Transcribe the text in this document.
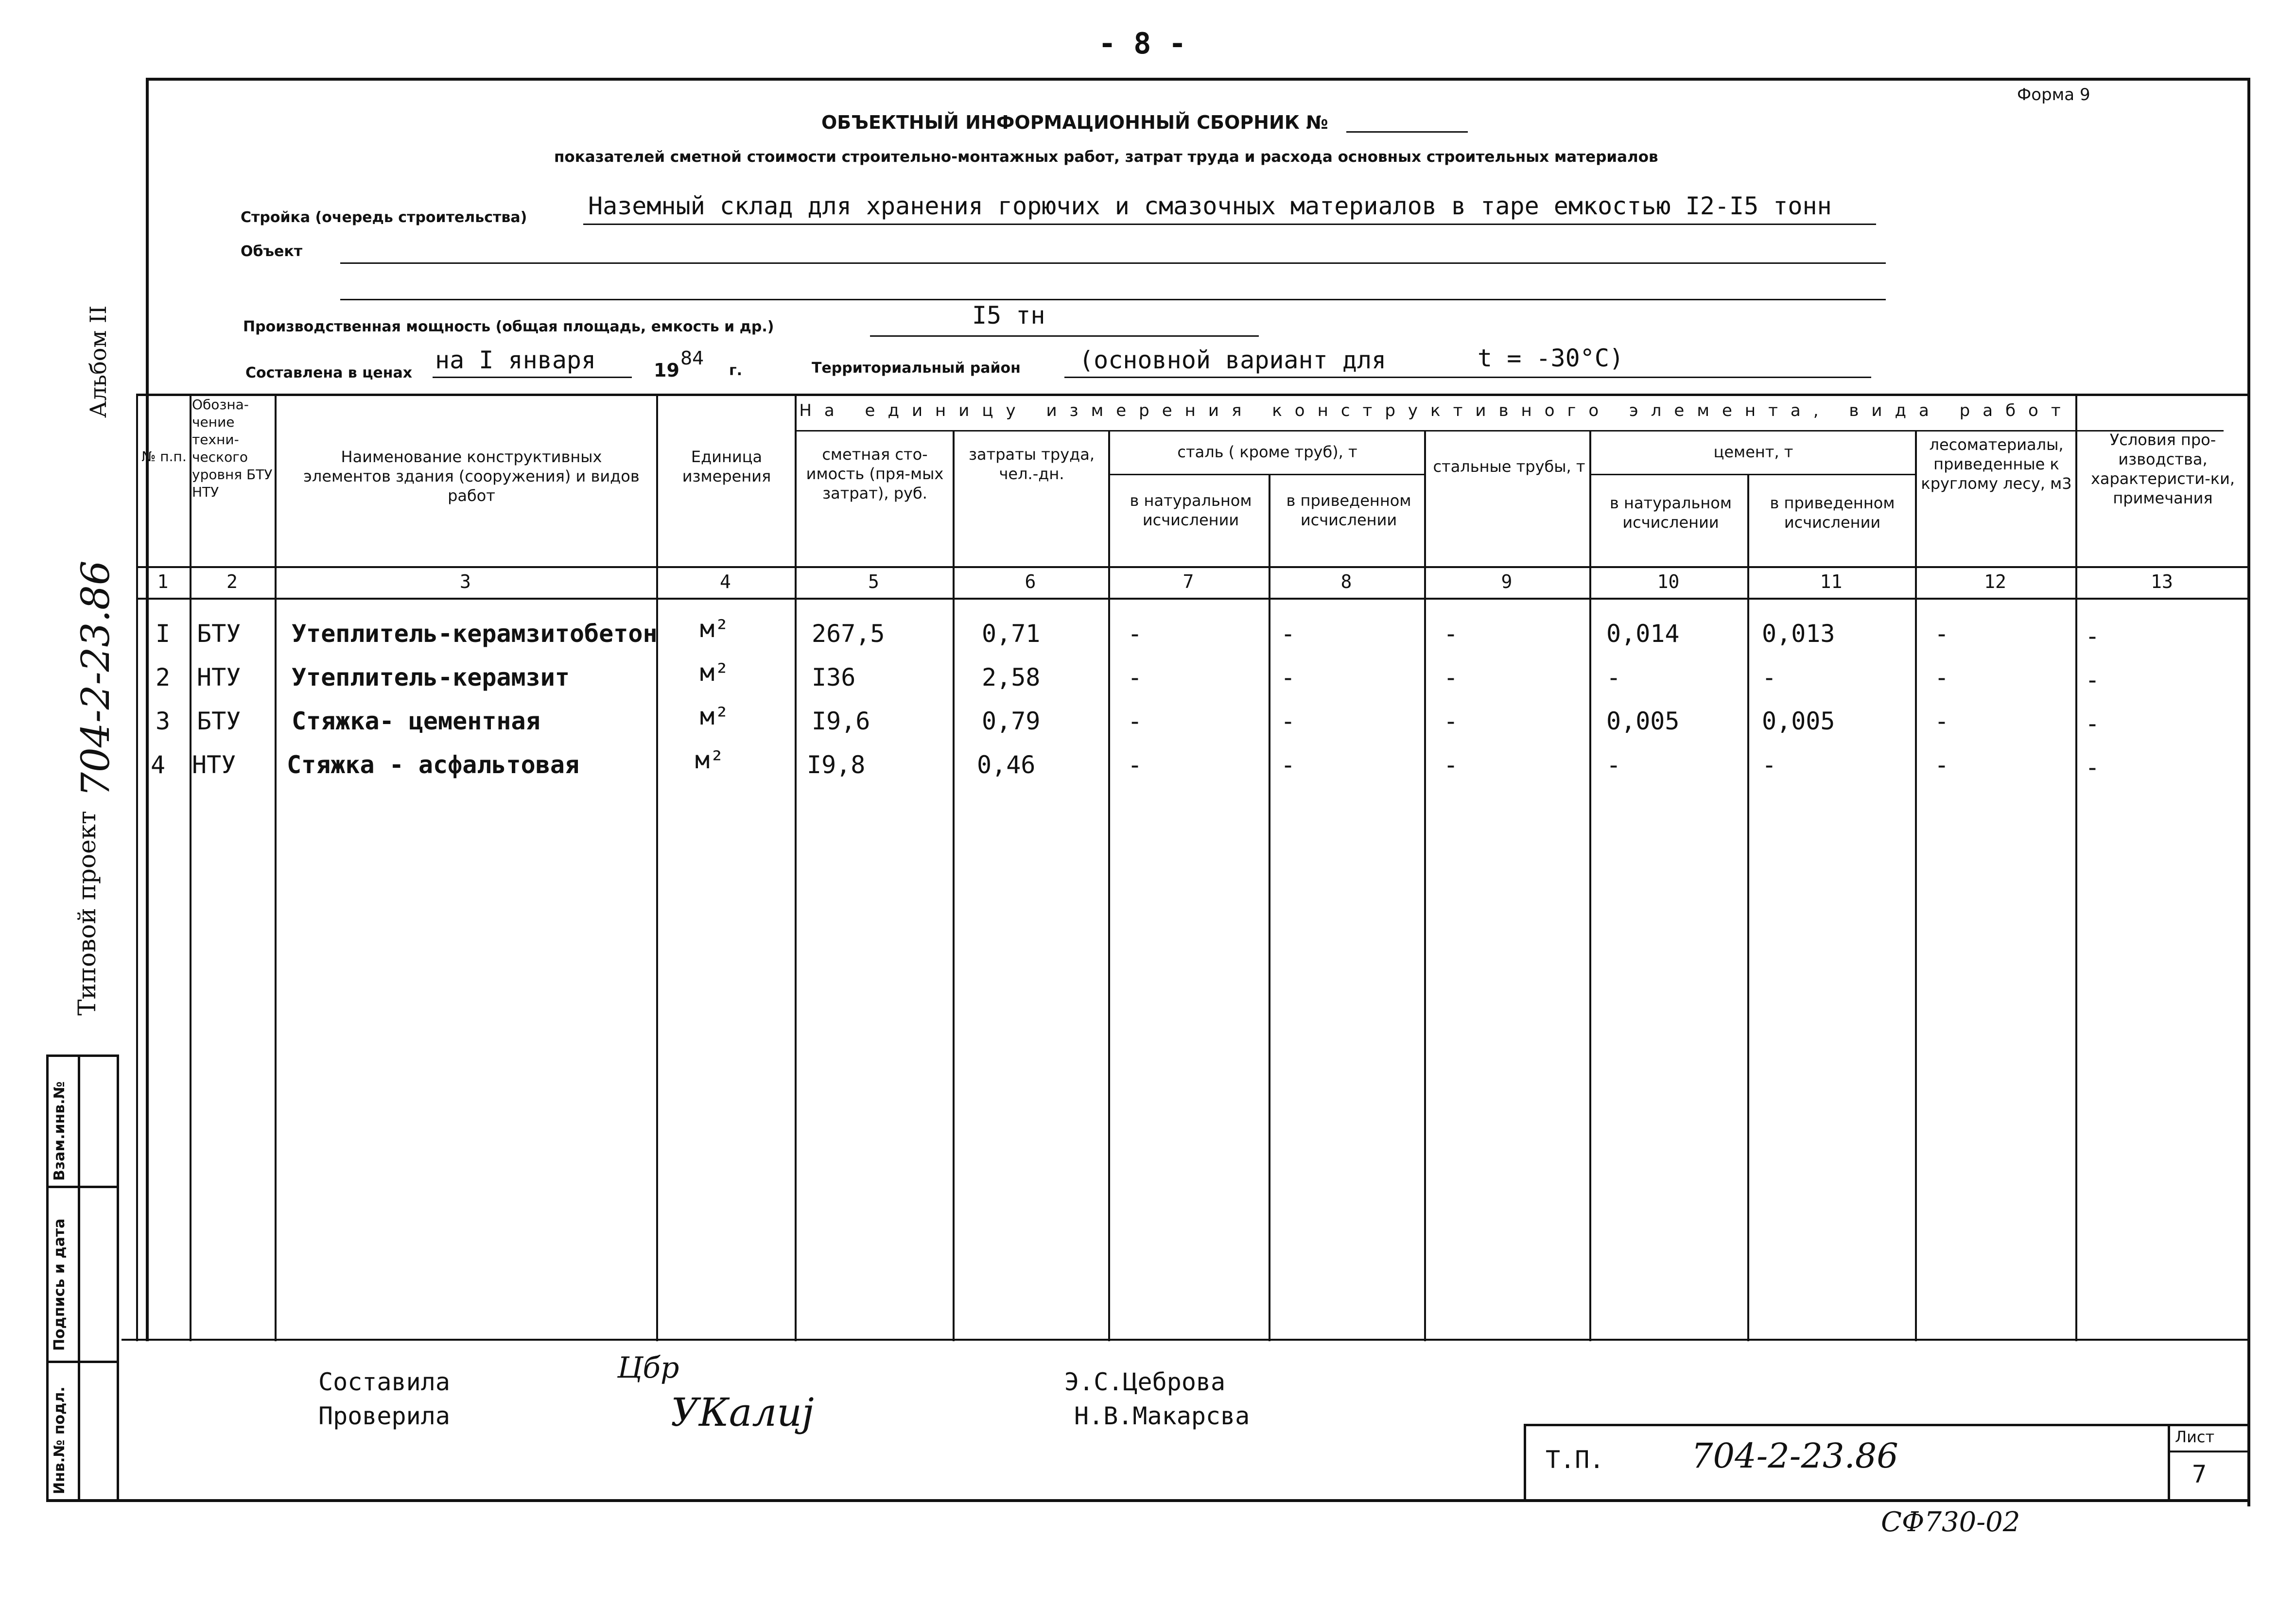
- 8 -
Форма 9
ОБЪЕКТНЫЙ ИНФОРМАЦИОННЫЙ СБОРНИК №
показателей сметной стоимости строительно-монтажных работ, затрат труда и расхода основных строительных материалов
Стройка (очередь строительства)	Наземный склад для хранения горючих и смазочных материалов в таре емкостью I2-I5 тонн
Объект
Производственная мощность (общая площадь, емкость и др.)	I5 тн
Составлена в ценах на I января	19
84
г.	Территориальный район (основной вариант для	t = -30°C)
Альбом II
Типовой проект
704-2-23.86
Взам.инв.№
Подпись и дата
Инв.№ подл.
На единицу измерения конструктивного элемента, вида работ
№ п.п.
Обозна-чение техни-ческого уровня БТУ НТУ
Наименование конструктивных элементов здания (сооружения) и видов работ
Единица измерения
сметная сто-имость (пря-мых затрат), руб.
затраты труда, чел.-дн.
сталь ( кроме труб), т
в натуральном исчислении
в приведенном исчислении
стальные трубы, т
цемент, т
в натуральном исчислении
в приведенном исчислении
лесоматериалы, приведенные к круглому лесу, м3
Условия про-изводства, характеристи-ки, примечания
1	2	3	4	5	6	7	8	9	10	11	12	13
I БТУ Утеплитель-керамзитобетон м²	267,5	0,71	-	-	-	0,014	0,013	-	-
2 НТУ Утеплитель-керамзит	м²	I36	2,58	-	-	-	-	-	-	-
3 БТУ Стяжка- цементная	м²	I9,6	0,79	-	-	-	0,005	0,005	-	-
4 НТУ Стяжка - асфальтовая	м²	I9,8	0,46	-	-	-	-	-	-	-
Составила
Проверила
Цбр
УКалиј
Э.С.Цеброва
Н.В.Макарсва
Т.П.	704-2-23.86	Лист
7
СФ730-02
